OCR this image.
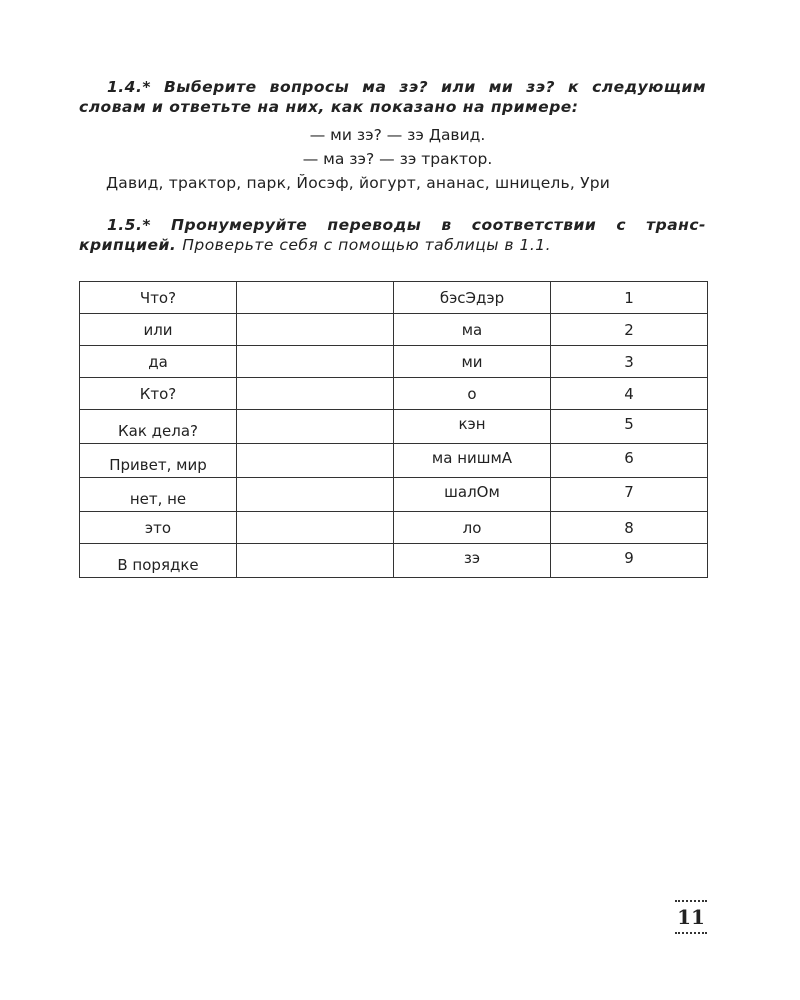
1.4.* Выберите вопросы ма зэ? или ми зэ? к следующим

словам и ответьте на них, как показано на примере:

— ми зэ? — зэ Давид.

— ма зэ? — зэ трактор.

Давид, трактор, парк, Йосэф, йогурт, ананас, шницель, Ури

1.5.* Пронумеруйте переводы в соответствии с транс-

крипцией. Проверьте себя с помощью таблицы в 1.1.

Что?		бэсЭдэр	1
или		ма	2
да		ми	3
Кто?		о	4
Как дела?		кэн	5
Привет, мир		ма нишмА	6
нет, не		шалОм	7
это		ло	8
В порядке		зэ	9
11
